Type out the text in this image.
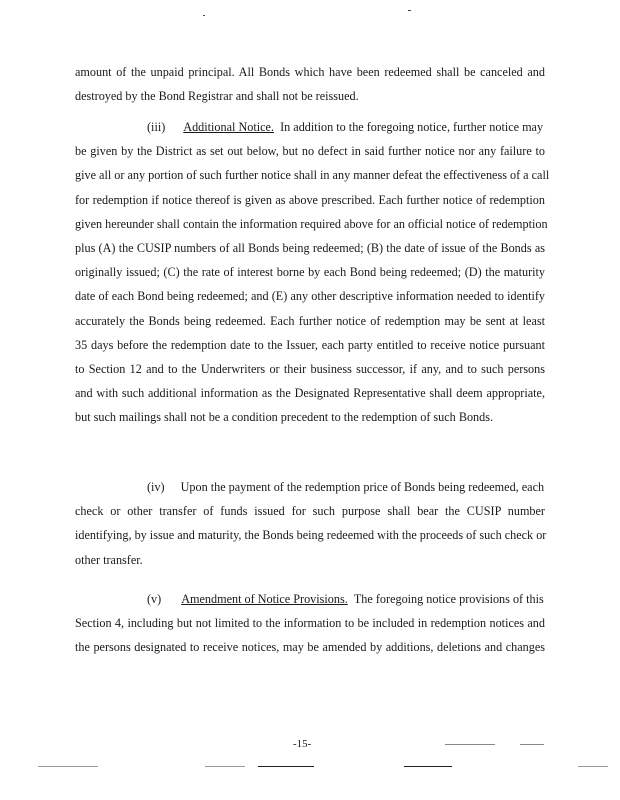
amount of the unpaid principal. All Bonds which have been redeemed shall be canceled and
destroyed by the Bond Registrar and shall not be reissued.
(iii) Additional Notice. In addition to the foregoing notice, further notice may
be given by the District as set out below, but no defect in said further notice nor any failure to
give all or any portion of such further notice shall in any manner defeat the effectiveness of a call
for redemption if notice thereof is given as above prescribed. Each further notice of redemption
given hereunder shall contain the information required above for an official notice of redemption
plus (A) the CUSIP numbers of all Bonds being redeemed; (B) the date of issue of the Bonds as
originally issued; (C) the rate of interest borne by each Bond being redeemed; (D) the maturity
date of each Bond being redeemed; and (E) any other descriptive information needed to identify
accurately the Bonds being redeemed. Each further notice of redemption may be sent at least
35 days before the redemption date to the Issuer, each party entitled to receive notice pursuant
to Section 12 and to the Underwriters or their business successor, if any, and to such persons
and with such additional information as the Designated Representative shall deem appropriate,
but such mailings shall not be a condition precedent to the redemption of such Bonds.
(iv) Upon the payment of the redemption price of Bonds being redeemed, each
check or other transfer of funds issued for such purpose shall bear the CUSIP number
identifying, by issue and maturity, the Bonds being redeemed with the proceeds of such check or
other transfer.
(v) Amendment of Notice Provisions. The foregoing notice provisions of this
Section 4, including but not limited to the information to be included in redemption notices and
the persons designated to receive notices, may be amended by additions, deletions and changes
-15-
